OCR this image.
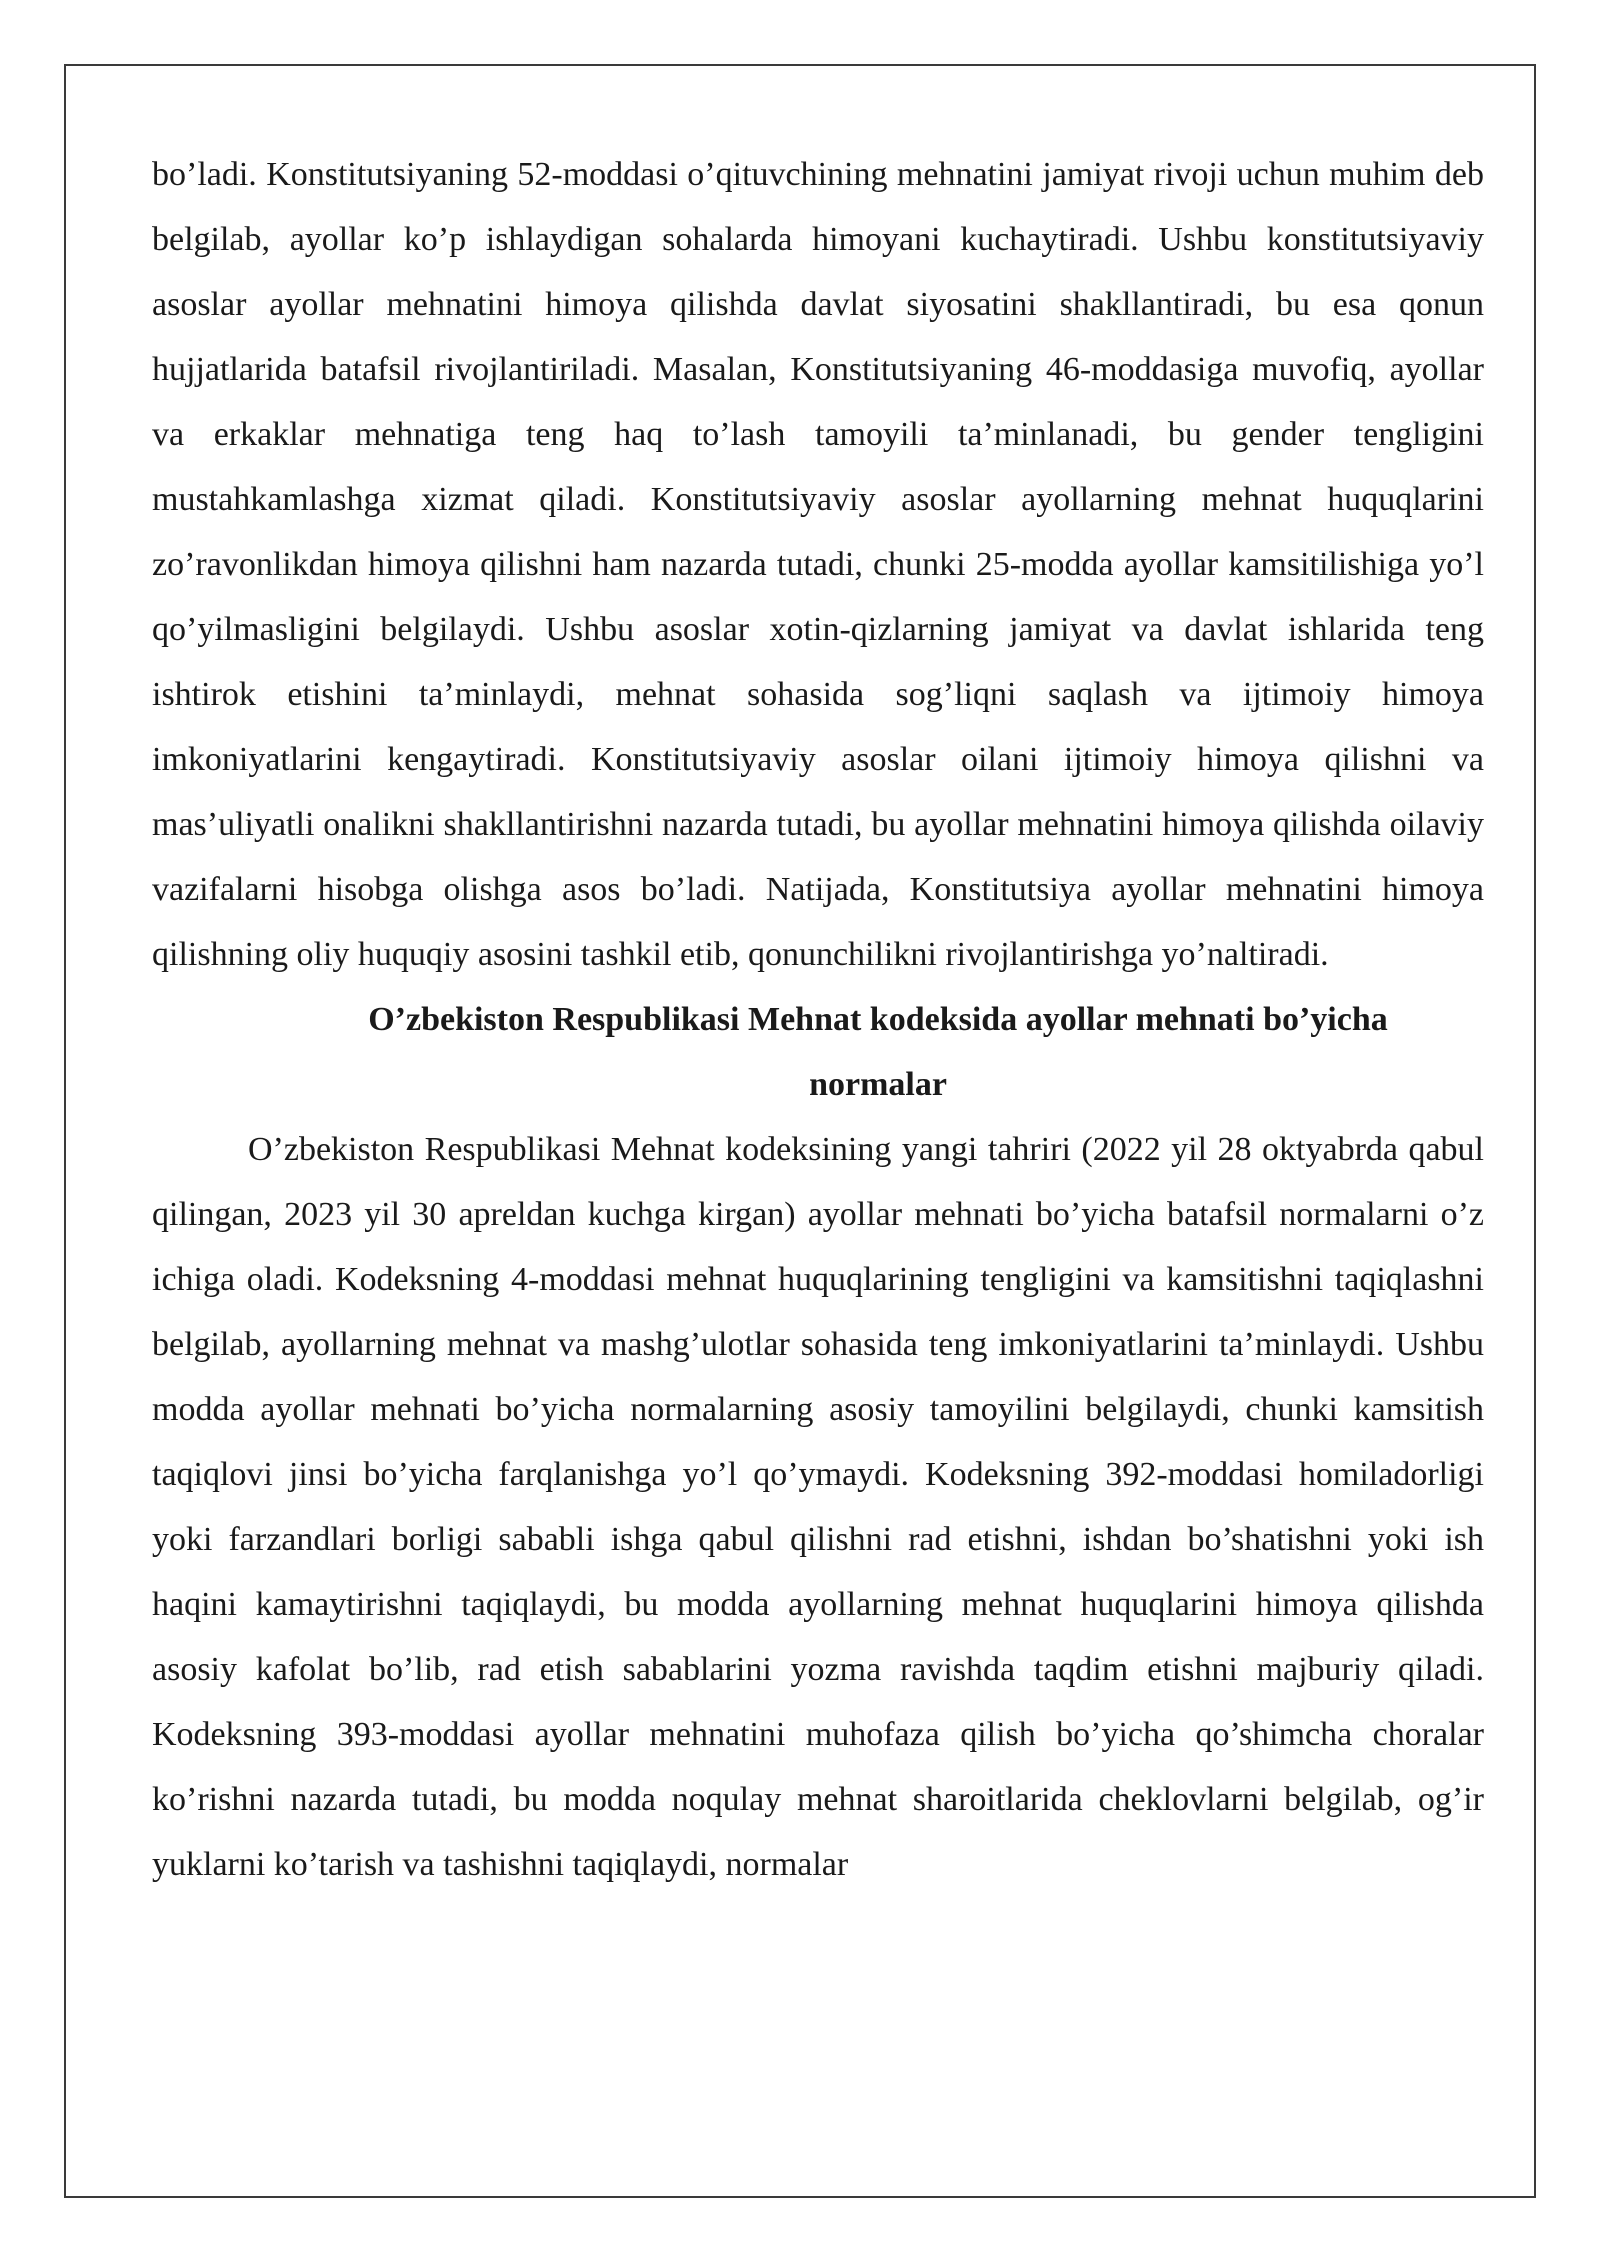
bo’ladi. Konstitutsiyaning 52-moddasi o’qituvchining mehnatini jamiyat rivoji uchun muhim deb belgilab, ayollar ko’p ishlaydigan sohalarda himoyani kuchaytiradi. Ushbu konstitutsiyaviy asoslar ayollar mehnatini himoya qilishda davlat siyosatini shakllantiradi, bu esa qonun hujjatlarida batafsil rivojlantiriladi. Masalan, Konstitutsiyaning 46-moddasiga muvofiq, ayollar va erkaklar mehnatiga teng haq to’lash tamoyili ta’minlanadi, bu gender tengligini mustahkamlashga xizmat qiladi. Konstitutsiyaviy asoslar ayollarning mehnat huquqlarini zo’ravonlikdan himoya qilishni ham nazarda tutadi, chunki 25-modda ayollar kamsitilishiga yo’l qo’yilmasligini belgilaydi. Ushbu asoslar xotin-qizlarning jamiyat va davlat ishlarida teng ishtirok etishini ta’minlaydi, mehnat sohasida sog’liqni saqlash va ijtimoiy himoya imkoniyatlarini kengaytiradi. Konstitutsiyaviy asoslar oilani ijtimoiy himoya qilishni va mas’uliyatli onalikni shakllantirishni nazarda tutadi, bu ayollar mehnatini himoya qilishda oilaviy vazifalarni hisobga olishga asos bo’ladi. Natijada, Konstitutsiya ayollar mehnatini himoya qilishning oliy huquqiy asosini tashkil etib, qonunchilikni rivojlantirishga yo’naltiradi.

O’zbekiston Respublikasi Mehnat kodeksida ayollar mehnati bo’yicha normalar

O’zbekiston Respublikasi Mehnat kodeksining yangi tahriri (2022 yil 28 oktyabrda qabul qilingan, 2023 yil 30 apreldan kuchga kirgan) ayollar mehnati bo’yicha batafsil normalarni o’z ichiga oladi. Kodeksning 4-moddasi mehnat huquqlarining tengligini va kamsitishni taqiqlashni belgilab, ayollarning mehnat va mashg’ulotlar sohasida teng imkoniyatlarini ta’minlaydi. Ushbu modda ayollar mehnati bo’yicha normalarning asosiy tamoyilini belgilaydi, chunki kamsitish taqiqlovi jinsi bo’yicha farqlanishga yo’l qo’ymaydi. Kodeksning 392-moddasi homiladorligi yoki farzandlari borligi sababli ishga qabul qilishni rad etishni, ishdan bo’shatishni yoki ish haqini kamaytirishni taqiqlaydi, bu modda ayollarning mehnat huquqlarini himoya qilishda asosiy kafolat bo’lib, rad etish sabablarini yozma ravishda taqdim etishni majburiy qiladi. Kodeksning 393-moddasi ayollar mehnatini muhofaza qilish bo’yicha qo’shimcha choralar ko’rishni nazarda tutadi, bu modda noqulay mehnat sharoitlarida cheklovlarni belgilab, og’ir yuklarni ko’tarish va tashishni taqiqlaydi, normalar
